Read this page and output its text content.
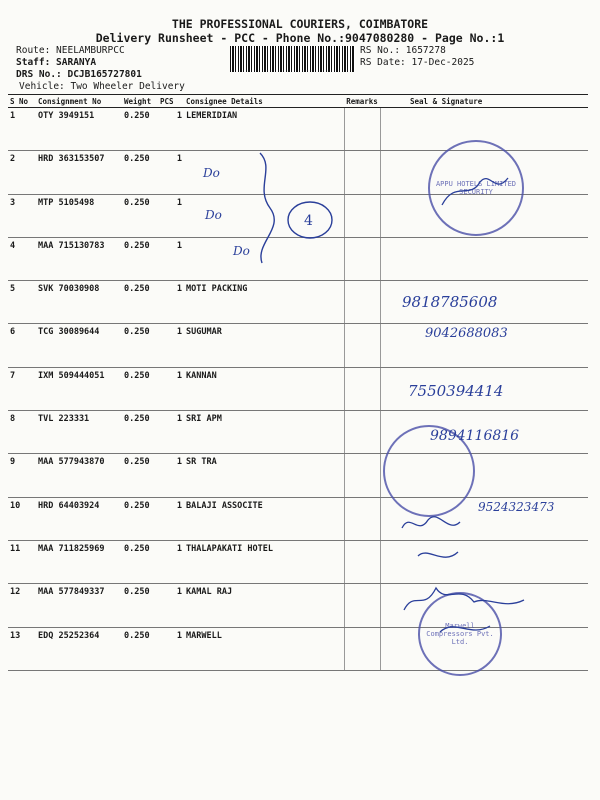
THE PROFESSIONAL COURIERS, COIMBATORE
Delivery Runsheet - PCC - Phone No.:9047080280 - Page No.:1
Route: NEELAMBURPCC
Staff: SARANYA
DRS No.: DCJB165727801
Vehicle: Two Wheeler Delivery
RS No.: 1657278
RS Date: 17-Dec-2025
S No	Consignment No	Weight	PCS	Consignee Details	Remarks	Seal & Signature
1	OTY 3949151	0.250	1	LEMERIDIAN		
2	HRD 363153507	0.250	1			
3	MTP 5105498	0.250	1			
4	MAA 715130783	0.250	1			
5	SVK 70030908	0.250	1	MOTI PACKING		
6	TCG 30089644	0.250	1	SUGUMAR		
7	IXM 509444051	0.250	1	KANNAN		
8	TVL 223331	0.250	1	SRI APM		
9	MAA 577943870	0.250	1	SR TRA		
10	HRD 64403924	0.250	1	BALAJI ASSOCITE		
11	MAA 711825969	0.250	1	THALAPAKATI HOTEL		
12	MAA 577849337	0.250	1	KAMAL RAJ		
13	EDQ 25252364	0.250	1	MARWELL		
Do
Do
Do
4
APPU HOTELS LIMITED SECURITY
9818785608
9042688083
7550394414
9894116816
9524323473
Marwell Compressors Pvt. Ltd.
